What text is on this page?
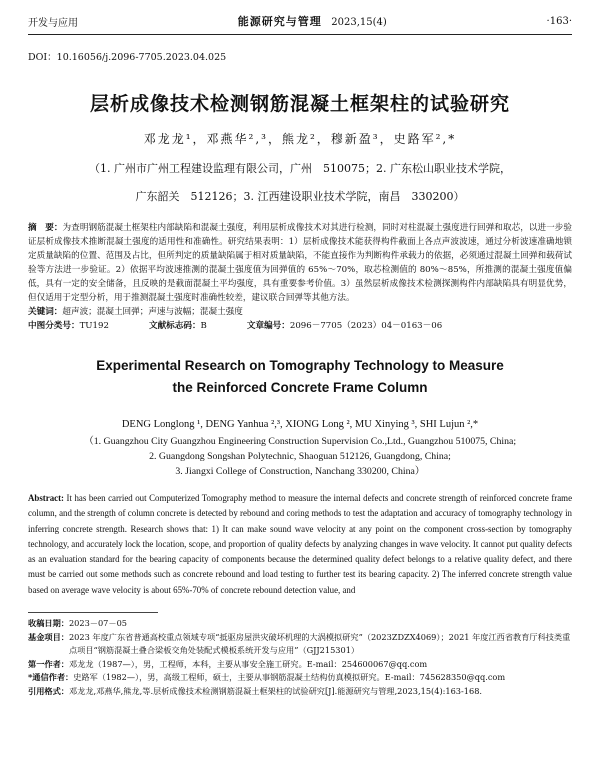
开发与应用	能源研究与管理 2023,15(4)	·163·
DOI：10.16056/j.2096-7705.2023.04.025
层析成像技术检测钢筋混凝土框架柱的试验研究
邓龙龙¹，邓燕华²,³，熊龙²，穆新盈³，史路军²,*
（1. 广州市广州工程建设监理有限公司，广州　510075；2. 广东松山职业技术学院，
广东韶关　512126；3. 江西建设职业技术学院，南昌　330200）
摘　要：为查明钢筋混凝土框架柱内部缺陷和混凝土强度，利用层析成像技术对其进行检测，同时对柱混凝土强度进行回弹和取芯，以进一步验证层析成像技术推断混凝土强度的适用性和准确性。研究结果表明：1）层析成像技术能获得构件截面上各点声波波速，通过分析波速准确地锁定质量缺陷的位置、范围及占比，但所判定的质量缺陷属于相对质量缺陷，不能直接作为判断构件承载力的依据，必须通过混凝土回弹和载荷试验等方法进一步验证。2）依据平均波速推测的混凝土强度值为回弹值的 65%～70%，取芯检测值的 80%～85%，所推测的混凝土强度值偏低，具有一定的安全储备，且反映的是截面混凝土平均强度，具有重要参考价值。3）虽然层析成像技术检测探测构件内部缺陷具有明显优势，但仅适用于定型分析，用于推测混凝土强度时准确性较差，建议联合回弹等其他方法。
关键词：超声波；混凝土回弹；声速与波幅；混凝土强度
中图分类号：TU192	文献标志码：B	文章编号：2096－7705（2023）04－0163－06
Experimental Research on Tomography Technology to Measure the Reinforced Concrete Frame Column
DENG Longlong ¹, DENG Yanhua ²,³, XIONG Long ², MU Xinying ³, SHI Lujun ²,*
（1. Guangzhou City Guangzhou Engineering Construction Supervision Co.,Ltd., Guangzhou 510075, China;
2. Guangdong Songshan Polytechnic, Shaoguan 512126, Guangdong, China;
3. Jiangxi College of Construction, Nanchang 330200, China）
Abstract: It has been carried out Computerized Tomography method to measure the internal defects and concrete strength of reinforced concrete frame column, and the strength of column concrete is detected by rebound and coring methods to test the adaptation and accuracy of tomography technology in inferring concrete strength. Research shows that: 1) It can make sound wave velocity at any point on the component cross-section by tomography technology, and accurately lock the location, scope, and proportion of quality defects by analyzing changes in wave velocity. It cannot put quality defects as an evaluation standard for the bearing capacity of components because the determined quality defect belongs to a relative quality defect, and there must be carried out some methods such as concrete rebound and load testing to further test its bearing capacity. 2) The inferred concrete strength value based on average wave velocity is about 65%-70% of concrete rebound detection value, and
收稿日期： 2023－07－05
基金项目： 2023 年度广东省普通高校重点领域专项“抵驱房屋洪灾破坏机理的大涡模拟研究”（2023ZDZX4069）；2021 年度江西省教育厅科技类重点项目“钢筋混凝土叠合梁板交角处装配式模板系统开发与应用”（GJJ215301）
第一作者： 邓龙龙（1987—），男，工程师，本科，主要从事安全施工研究。E-mail：254600067@qq.com
*通信作者： 史路军（1982—），男，高级工程师，硕士，主要从事钢筋混凝土结构仿真模拟研究。E-mail：745628350@qq.com
引用格式： 邓龙龙,邓燕华,熊龙,等.层析成像技术检测钢筋混凝土框架柱的试验研究[J].能源研究与管理,2023,15(4):163-168.
